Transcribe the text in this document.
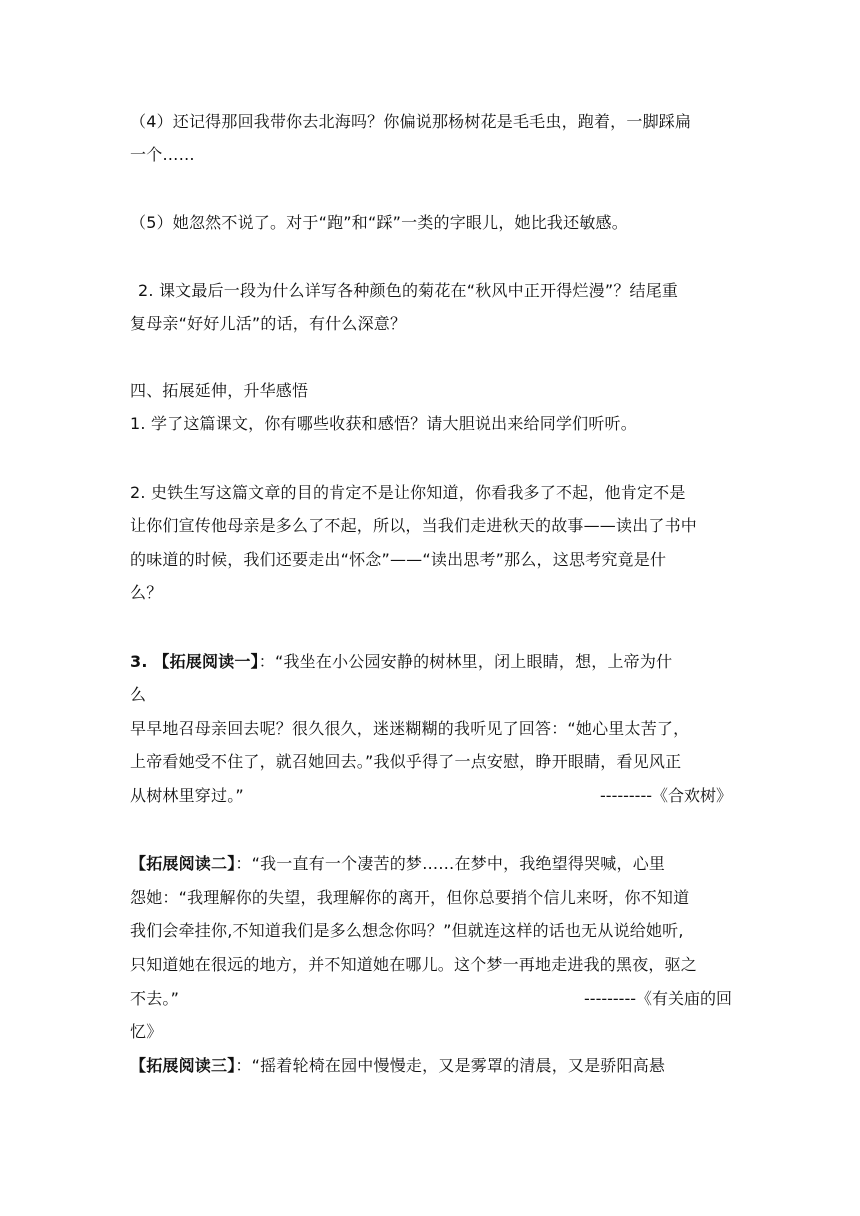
（4）还记得那回我带你去北海吗？你偏说那杨树花是毛毛虫，跑着，一脚踩扁
一个……
（5）她忽然不说了。对于“跑”和“踩”一类的字眼儿，她比我还敏感。
2. 课文最后一段为什么详写各种颜色的菊花在“秋风中正开得烂漫”？结尾重
复母亲“好好儿活”的话，有什么深意？
四、拓展延伸，升华感悟
1. 学了这篇课文，你有哪些收获和感悟？请大胆说出来给同学们听听。
2. 史铁生写这篇文章的目的肯定不是让你知道，你看我多了不起，他肯定不是
让你们宣传他母亲是多么了不起，所以，当我们走进秋天的故事——读出了书中
的味道的时候，我们还要走出“怀念”——“读出思考”那么，这思考究竟是什
么？
3. 【拓展阅读一】：“我坐在小公园安静的树林里，闭上眼睛，想，上帝为什
么
早早地召母亲回去呢？很久很久，迷迷糊糊的我听见了回答：“她心里太苦了，
上帝看她受不住了，就召她回去。”我似乎得了一点安慰，睁开眼睛，看见风正
从树林里穿过。”	---------《合欢树》
【拓展阅读二】：“我一直有一个凄苦的梦……在梦中，我绝望得哭喊，心里
怨她：“我理解你的失望，我理解你的离开，但你总要捎个信儿来呀，你不知道
我们会牵挂你,不知道我们是多么想念你吗？”但就连这样的话也无从说给她听,
只知道她在很远的地方，并不知道她在哪儿。这个梦一再地走进我的黑夜，驱之
不去。”	---------《有关庙的回
忆》
【拓展阅读三】：“摇着轮椅在园中慢慢走，又是雾罩的清晨，又是骄阳高悬
